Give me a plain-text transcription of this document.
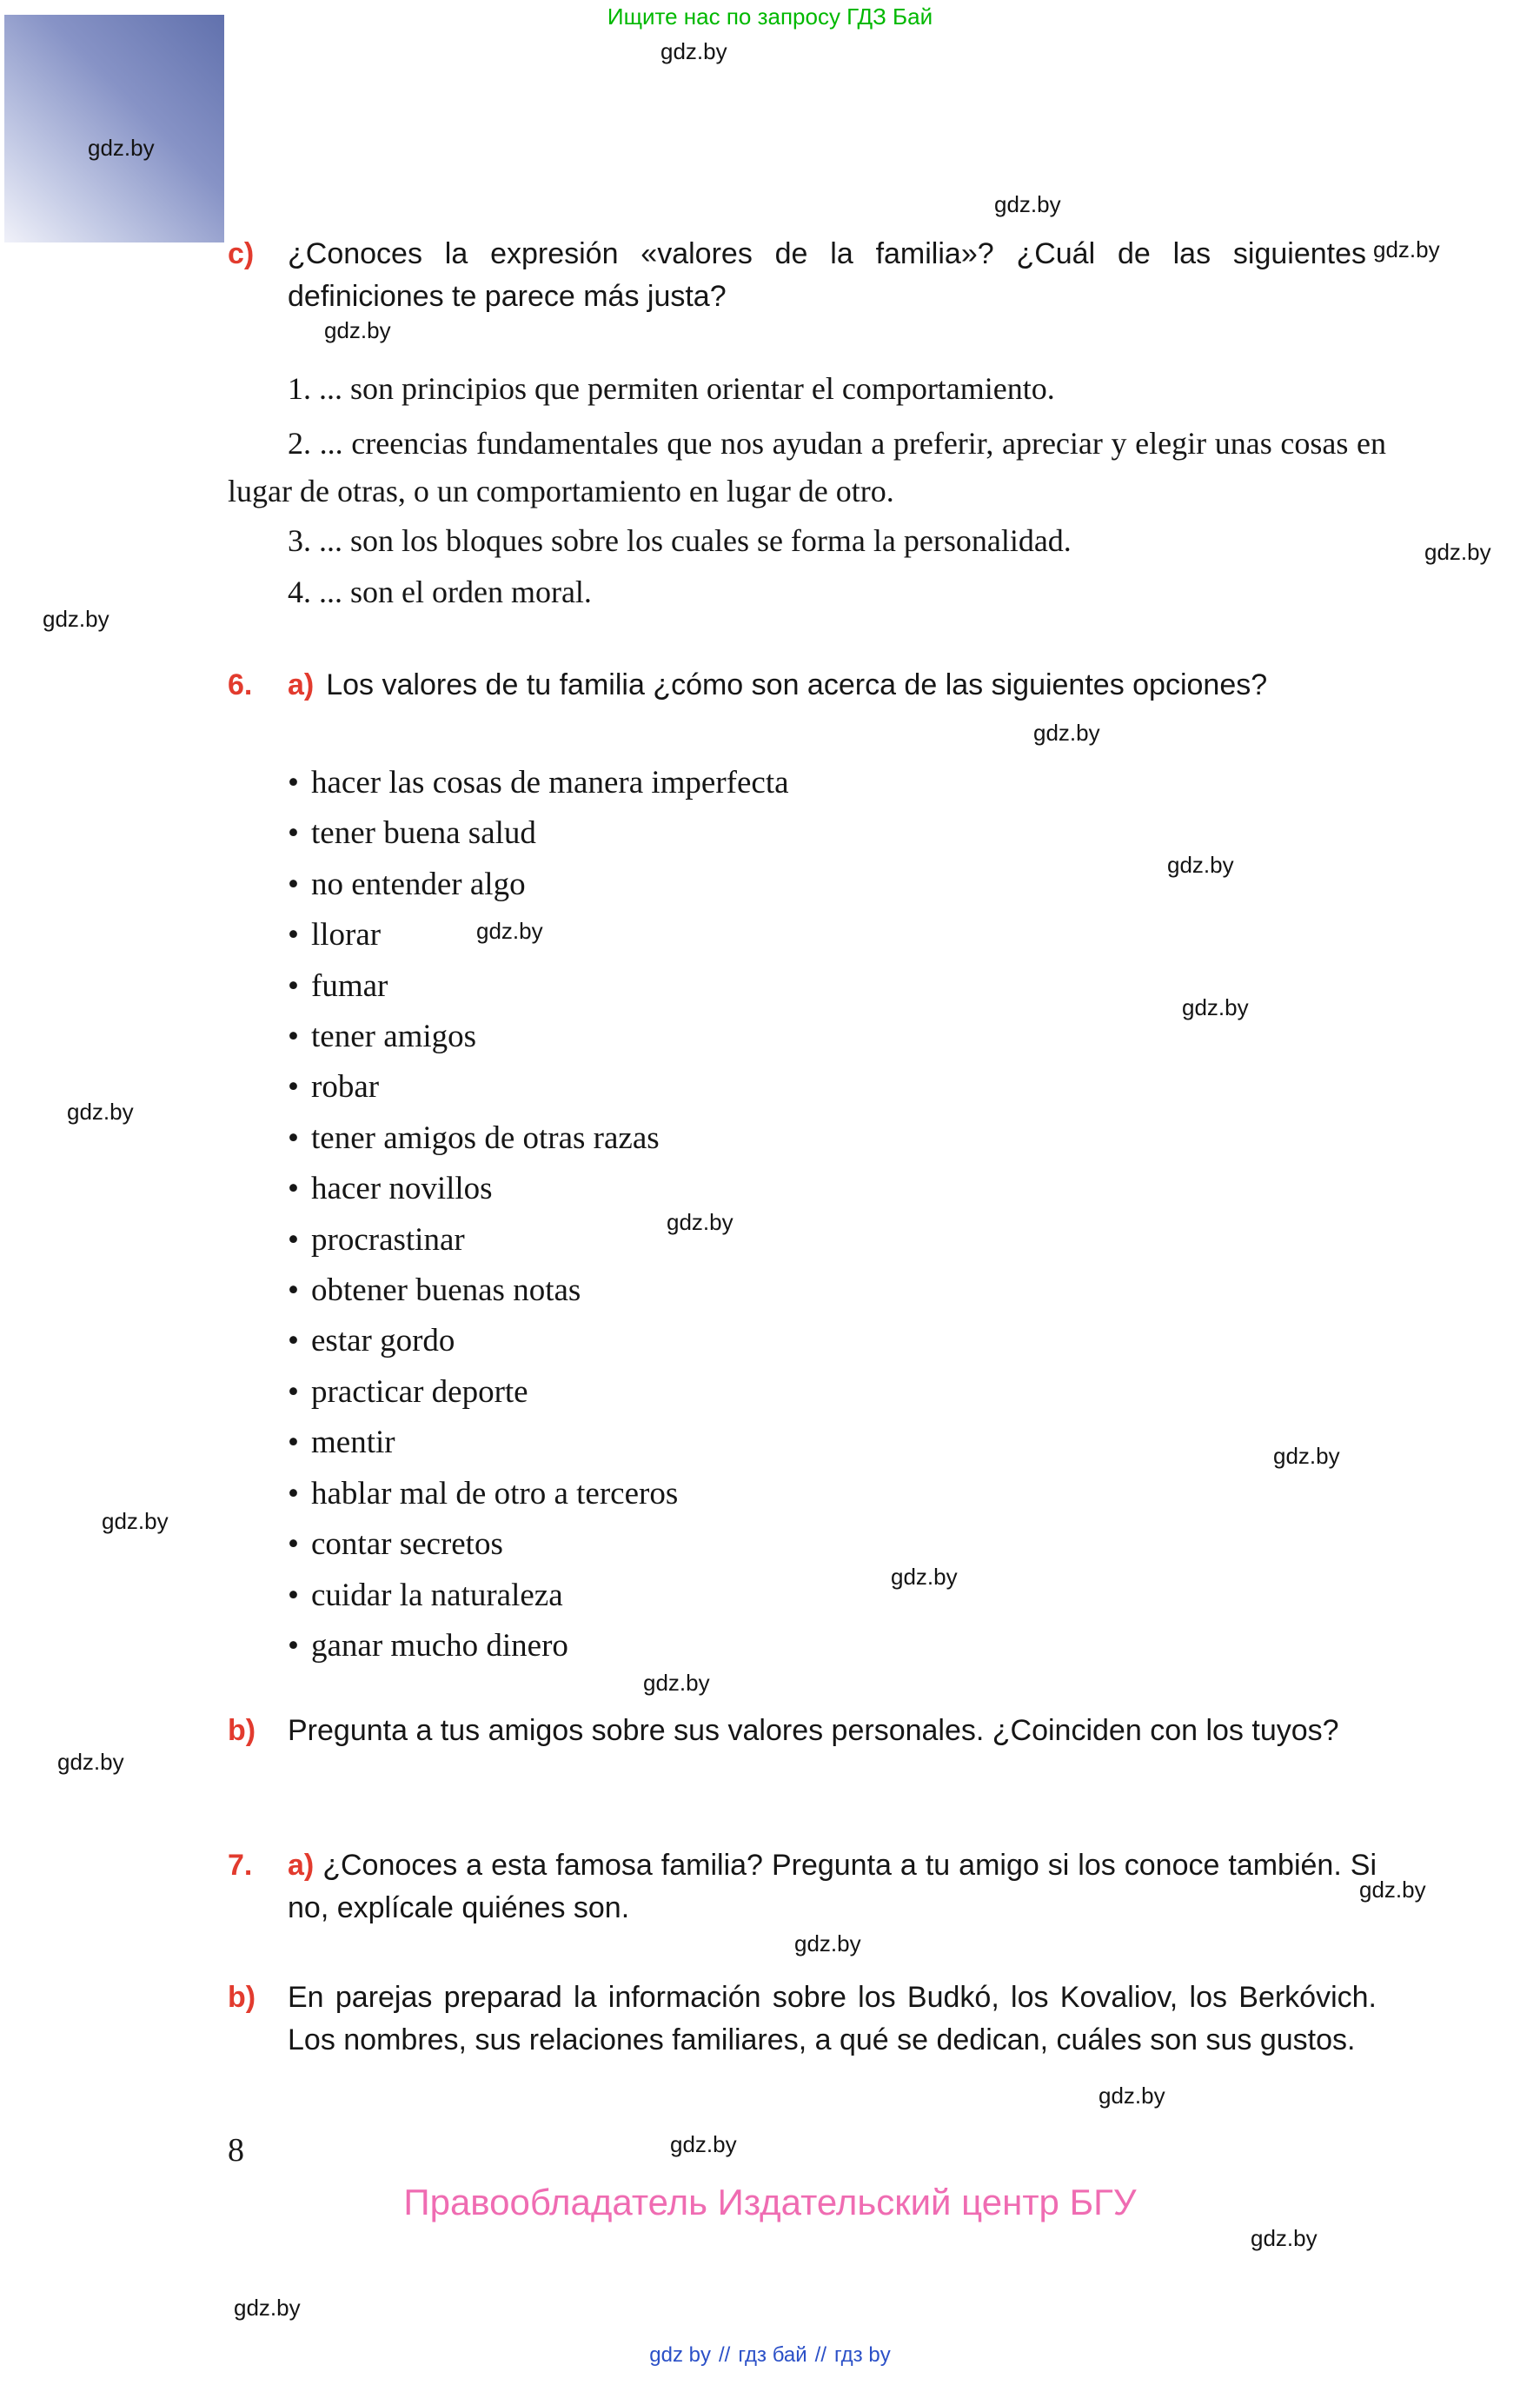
Ищите нас по запросу ГДЗ Бай
c) ¿Conoces la expresión «valores de la familia»? ¿Cuál de las siguientes definiciones te parece más justa?

1. ... son principios que permiten orientar el comportamiento.

2. ... creencias fundamentales que nos ayudan a preferir, apreciar y elegir unas cosas en lugar de otras, o un comportamiento en lugar de otro.

3. ... son los bloques sobre los cuales se forma la personalidad.

4. ... son el orden moral.

6. a) Los valores de tu familia ¿cómo son acerca de las siguientes opciones?
• hacer las cosas de manera imperfecta
• tener buena salud
• no entender algo
• llorar
• fumar
• tener amigos
• robar
• tener amigos de otras razas
• hacer novillos
• procrastinar
• obtener buenas notas
• estar gordo
• practicar deporte
• mentir
• hablar mal de otro a terceros
• contar secretos
• cuidar la naturaleza
• ganar mucho dinero
b) Pregunta a tus amigos sobre sus valores personales. ¿Coinciden con los tuyos?

7. a) ¿Conoces a esta famosa familia? Pregunta a tu amigo si los conoce también. Si no, explícale quiénes son.

b) En parejas preparad la información sobre los Budkó, los Kovaliov, los Berkóvich. Los nombres, sus relaciones familiares, a qué se dedican, cuáles son sus gustos.

8
Правообладатель Издательский центр БГУ
gdz by // гдз бай // гдз by
gdz.by
gdz.by
gdz.by
gdz.by
gdz.by
gdz.by
gdz.by
gdz.by
gdz.by
gdz.by
gdz.by
gdz.by
gdz.by
gdz.by
gdz.by
gdz.by
gdz.by
gdz.by
gdz.by
gdz.by
gdz.by
gdz.by
gdz.by
gdz.by
